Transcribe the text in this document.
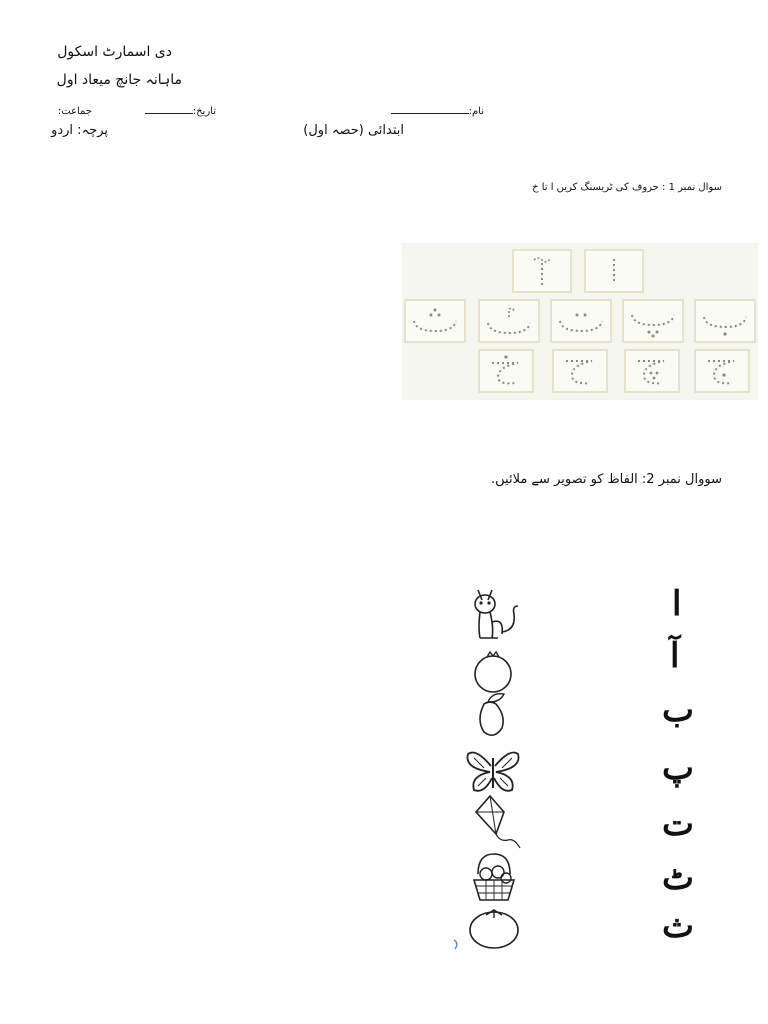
دی اسمارٹ اسکول
ماہانہ جانچ میعاد اول
نام:
تاریخ:
جماعت:
ابتدائی (حصہ اول)
پرچہ: اردو
سوال نمبر 1 : حروف کی ٹریسنگ کریں ا تا خ
سووال نمبر 2: الفاظ کو تصویر سے ملائیں.
ا
آ
ب
پ
ت
ٹ
ث
